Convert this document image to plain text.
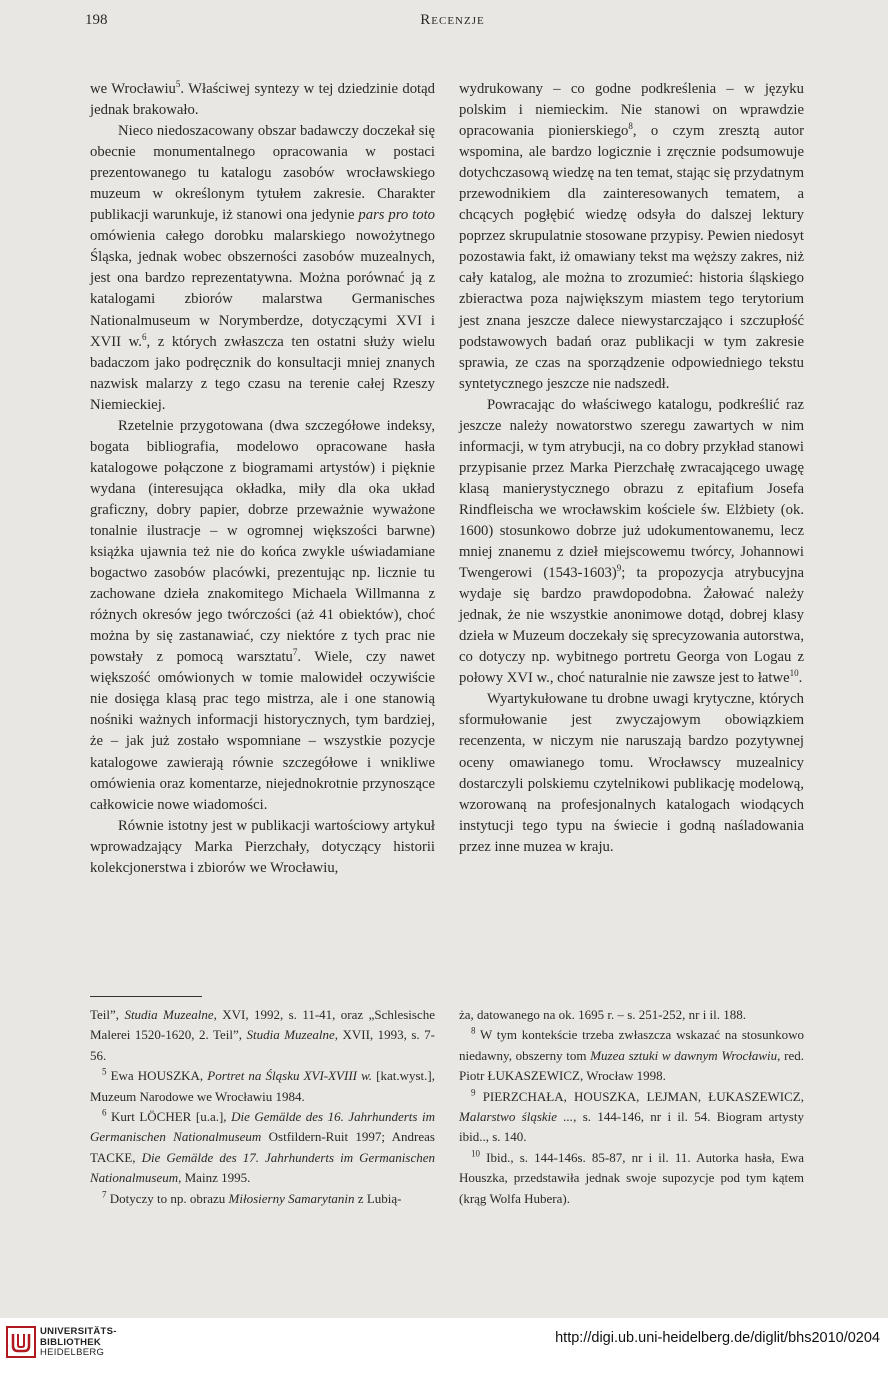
198	Recenzje

we Wrocławiu$^5$. Właściwej syntezy w tej dziedzinie dotąd jednak brakowało.

Nieco niedoszacowany obszar badawczy doczekał się obecnie monumentalnego opracowania w postaci prezentowanego tu katalogu zasobów wrocławskiego muzeum w określonym tytułem zakresie. Charakter publikacji warunkuje, iż stanowi ona jedynie pars pro toto omówienia całego dorobku malarskiego nowożytnego Śląska, jednak wobec obszerności zasobów muzealnych, jest ona bardzo reprezentatywna. Można porównać ją z katalogami zbiorów malarstwa Germanisches Nationalmuseum w Norymberdze, dotyczącymi XVI i XVII w.$^6$, z których zwłaszcza ten ostatni służy wielu badaczom jako podręcznik do konsultacji mniej znanych nazwisk malarzy z tego czasu na terenie całej Rzeszy Niemieckiej.

Rzetelnie przygotowana (dwa szczegółowe indeksy, bogata bibliografia, modelowo opracowane hasła katalogowe połączone z biogramami artystów) i pięknie wydana (interesująca okładka, miły dla oka układ graficzny, dobry papier, dobrze przeważnie wyważone tonalnie ilustracje – w ogromnej większości barwne) książka ujawnia też nie do końca zwykle uświadamiane bogactwo zasobów placówki, prezentując np. licznie tu zachowane dzieła znakomitego Michaela Willmanna z różnych okresów jego twórczości (aż 41 obiektów), choć można by się zastanawiać, czy niektóre z tych prac nie powstały z pomocą warsztatu$^7$. Wiele, czy nawet większość omówionych w tomie malowideł oczywiście nie dosięga klasą prac tego mistrza, ale i one stanowią nośniki ważnych informacji historycznych, tym bardziej, że – jak już zostało wspomniane – wszystkie pozycje katalogowe zawierają równie szczegółowe i wnikliwe omówienia oraz komentarze, niejednokrotnie przynoszące całkowicie nowe wiadomości.

Równie istotny jest w publikacji wartościowy artykuł wprowadzający Marka Pierzchały, dotyczący historii kolekcjonerstwa i zbiorów we Wrocławiu,

wydrukowany – co godne podkreślenia – w języku polskim i niemieckim. Nie stanowi on wprawdzie opracowania pionierskiego$^8$, o czym zresztą autor wspomina, ale bardzo logicznie i zręcznie podsumowuje dotychczasową wiedzę na ten temat, stając się przydatnym przewodnikiem dla zainteresowanych tematem, a chcących pogłębić wiedzę odsyła do dalszej lektury poprzez skrupulatnie stosowane przypisy. Pewien niedosyt pozostawia fakt, iż omawiany tekst ma węższy zakres, niż cały katalog, ale można to zrozumieć: historia śląskiego zbieractwa poza największym miastem tego terytorium jest znana jeszcze dalece niewystarczająco i szczupłość podstawowych badań oraz publikacji w tym zakresie sprawia, ze czas na sporządzenie odpowiedniego tekstu syntetycznego jeszcze nie nadszedł.

Powracając do właściwego katalogu, podkreślić raz jeszcze należy nowatorstwo szeregu zawartych w nim informacji, w tym atrybucji, na co dobry przykład stanowi przypisanie przez Marka Pierzchałę zwracającego uwagę klasą manierystycznego obrazu z epitafium Josefa Rindfleischa we wrocławskim kościele św. Elżbiety (ok. 1600) stosunkowo dobrze już udokumentowanemu, lecz mniej znanemu z dzieł miejscowemu twórcy, Johannowi Twengerowi (1543-1603)$^9$; ta propozycja atrybucyjna wydaje się bardzo prawdopodobna. Żałować należy jednak, że nie wszystkie anonimowe dotąd, dobrej klasy dzieła w Muzeum doczekały się sprecyzowania autorstwa, co dotyczy np. wybitnego portretu Georga von Logau z połowy XVI w., choć naturalnie nie zawsze jest to łatwe$^{10}$.

Wyartykułowane tu drobne uwagi krytyczne, których sformułowanie jest zwyczajowym obowiązkiem recenzenta, w niczym nie naruszają bardzo pozytywnej oceny omawianego tomu. Wrocławscy muzealnicy dostarczyli polskiemu czytelnikowi publikację modelową, wzorowaną na profesjonalnych katalogach wiodących instytucji tego typu na świecie i godną naśladowania przez inne muzea w kraju.

Teil”, Studia Muzealne, XVI, 1992, s. 11-41, oraz „Schlesische Malerei 1520-1620, 2. Teil”, Studia Muzealne, XVII, 1993, s. 7-56.

$^5$ Ewa HOUSZKA, Portret na Śląsku XVI-XVIII w. [kat.wyst.], Muzeum Narodowe we Wrocławiu 1984.

$^6$ Kurt LÖCHER [u.a.], Die Gemälde des 16. Jahrhunderts im Germanischen Nationalmuseum Ostfildern-Ruit 1997; Andreas TACKE, Die Gemälde des 17. Jahrhunderts im Germanischen Nationalmuseum, Mainz 1995.

$^7$ Dotyczy to np. obrazu Miłosierny Samarytanin z Lubią-

ża, datowanego na ok. 1695 r. – s. 251-252, nr i il. 188.

$^8$ W tym kontekście trzeba zwłaszcza wskazać na stosunkowo niedawny, obszerny tom Muzea sztuki w dawnym Wrocławiu, red. Piotr ŁUKASZEWICZ, Wrocław 1998.

$^9$ PIERZCHAŁA, HOUSZKA, LEJMAN, ŁUKASZEWICZ, Malarstwo śląskie ..., s. 144-146, nr i il. 54. Biogram artysty ibid.., s. 140.

$^{10}$ Ibid., s. 144-146s. 85-87, nr i il. 11. Autorka hasła, Ewa Houszka, przedstawiła jednak swoje supozycje pod tym kątem (krąg Wolfa Hubera).

UNIVERSITÄTS-
BIBLIOTHEK
HEIDELBERG
http://digi.ub.uni-heidelberg.de/diglit/bhs2010/0204
